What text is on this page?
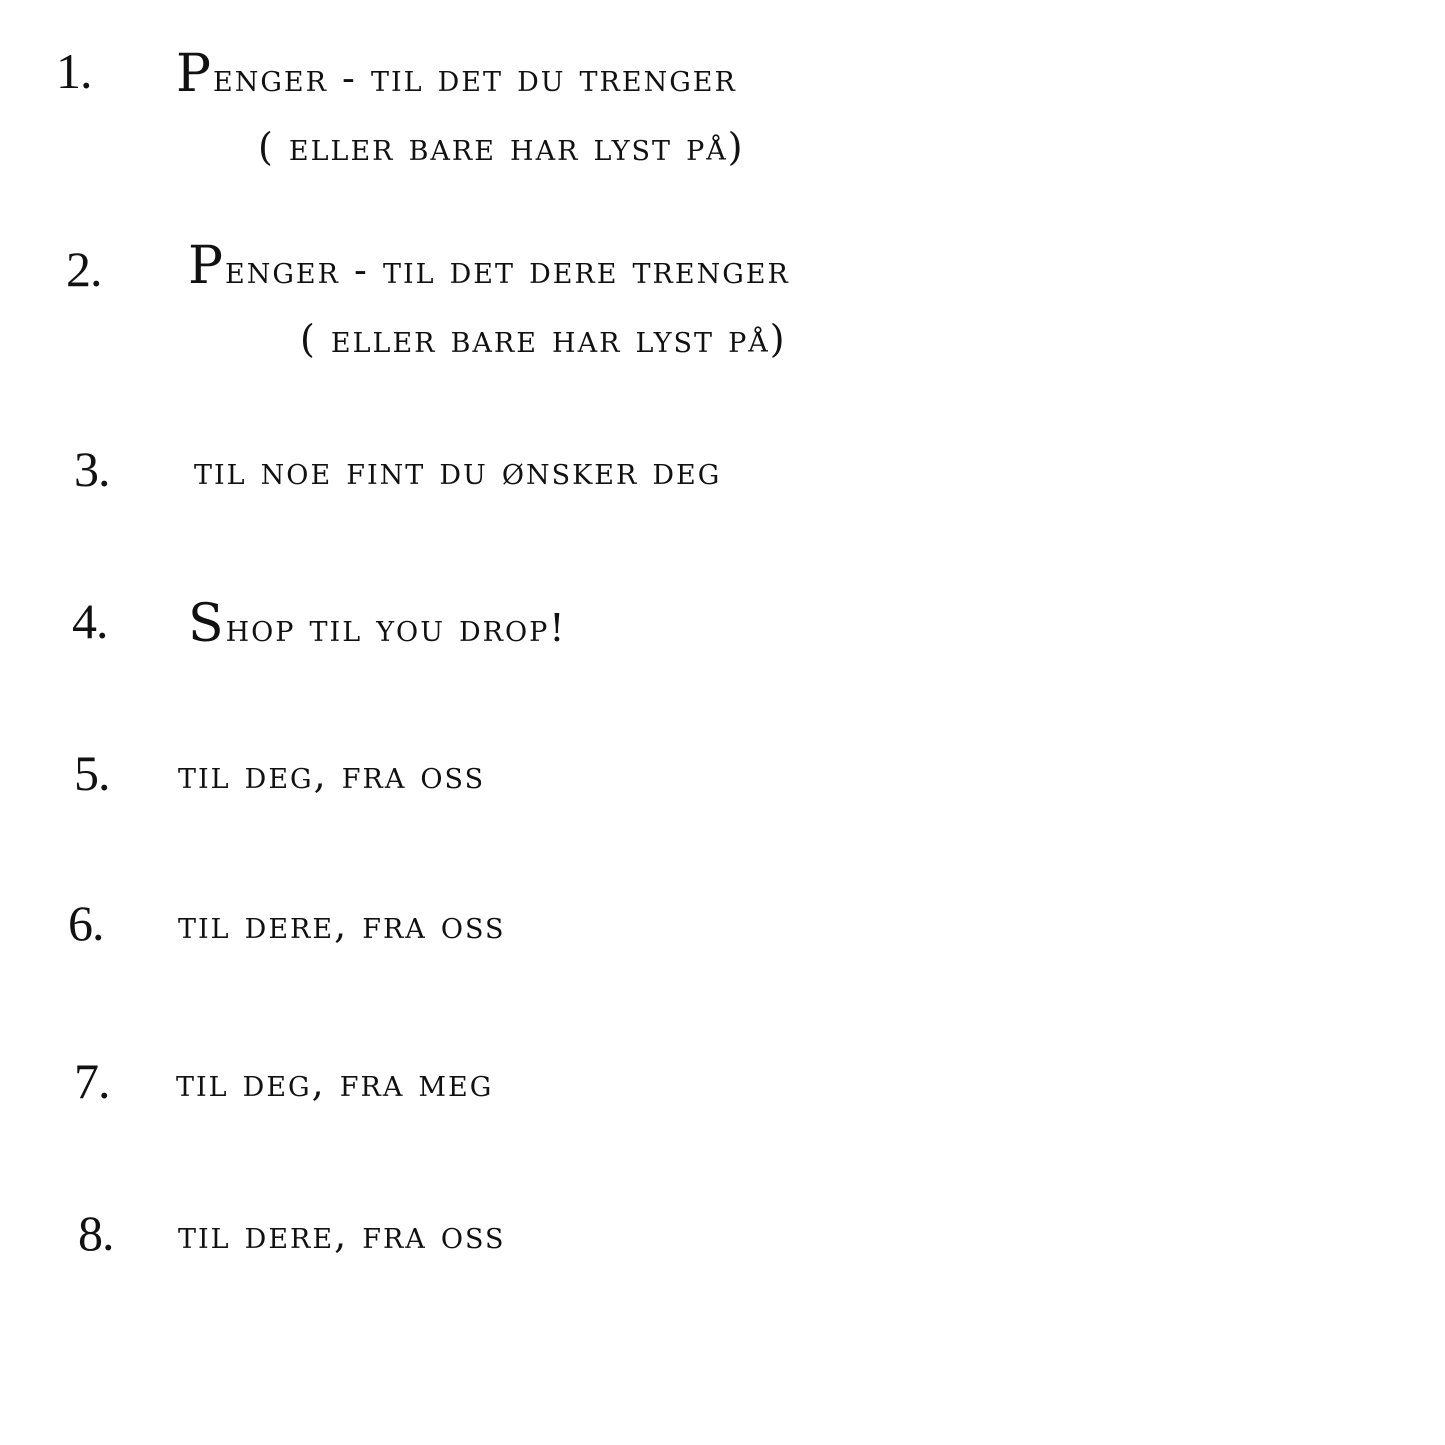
1. Penger - til det du trenger
( eller bare har lyst på)
2. Penger - til det dere trenger
( eller bare har lyst på)
3. til noe fint du ønsker deg
4. Shop til you drop!
5. til deg, fra oss
6. til dere, fra oss
7. til deg, fra meg
8. til dere, fra oss
